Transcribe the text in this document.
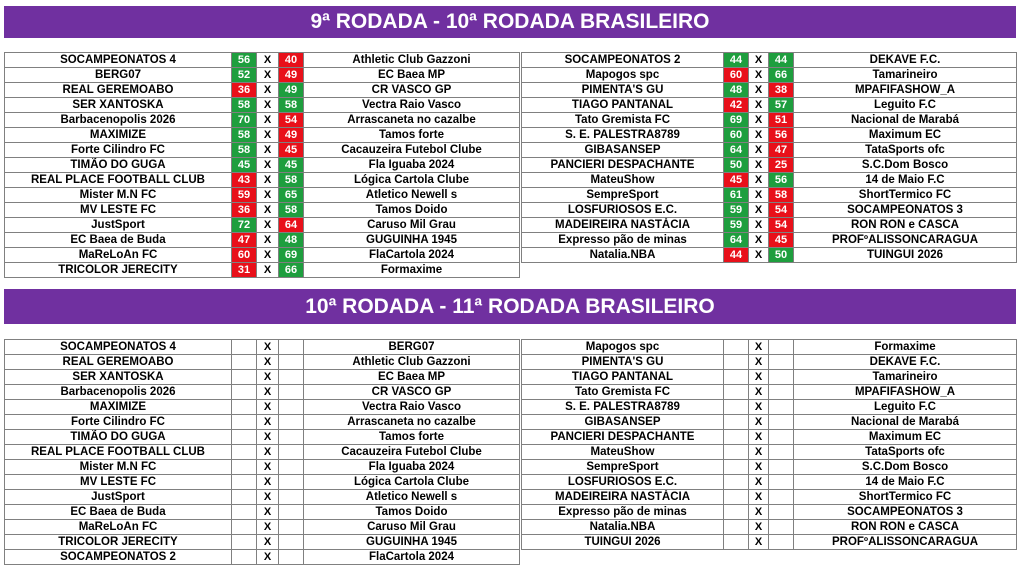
9ª RODADA - 10ª RODADA BRASILEIRO
SOCAMPEONATOS 4	56	X	40	Athletic Club Gazzoni
BERG07	52	X	49	EC Baea MP
REAL GEREMOABO	36	X	49	CR VASCO GP
SER XANTOSKA	58	X	58	Vectra Raio Vasco
Barbacenopolis 2026	70	X	54	Arrascaneta no cazalbe
MAXIMIZE	58	X	49	Tamos forte
Forte Cilindro FC	58	X	45	Cacauzeira Futebol Clube
TIMÃO DO GUGA	45	X	45	Fla Iguaba 2024
REAL PLACE FOOTBALL CLUB	43	X	58	Lógica Cartola Clube
Mister M.N FC	59	X	65	Atletico Newell s
MV LESTE FC	36	X	58	Tamos Doido
JustSport	72	X	64	Caruso Mil Grau
EC Baea de Buda	47	X	48	GUGUINHA 1945
MaReLoAn FC	60	X	69	FlaCartola 2024
TRICOLOR JERECITY	31	X	66	Formaxime
SOCAMPEONATOS 2	44	X	44	DEKAVE F.C.
Mapogos spc	60	X	66	Tamarineiro
PIMENTA'S GU	48	X	38	MPAFIFASHOW_A
TIAGO PANTANAL	42	X	57	Leguito F.C
Tato Gremista FC	69	X	51	Nacional de Marabá
S. E. PALESTRA8789	60	X	56	Maximum EC
GIBASANSEP	64	X	47	TataSports ofc
PANCIERI DESPACHANTE	50	X	25	S.C.Dom Bosco
MateuShow	45	X	56	14 de Maio F.C
SempreSport	61	X	58	ShortTermico FC
LOSFURIOSOS E.C.	59	X	54	SOCAMPEONATOS 3
MADEIREIRA NASTÁCIA	59	X	54	RON RON e CASCA
Expresso pão de minas	64	X	45	PROFºALISSONCARAGUA
Natalia.NBA	44	X	50	TUINGUI 2026
10ª RODADA - 11ª RODADA BRASILEIRO
SOCAMPEONATOS 4		X		BERG07
REAL GEREMOABO		X		Athletic Club Gazzoni
SER XANTOSKA		X		EC Baea MP
Barbacenopolis 2026		X		CR VASCO GP
MAXIMIZE		X		Vectra Raio Vasco
Forte Cilindro FC		X		Arrascaneta no cazalbe
TIMÃO DO GUGA		X		Tamos forte
REAL PLACE FOOTBALL CLUB		X		Cacauzeira Futebol Clube
Mister M.N FC		X		Fla Iguaba 2024
MV LESTE FC		X		Lógica Cartola Clube
JustSport		X		Atletico Newell s
EC Baea de Buda		X		Tamos Doido
MaReLoAn FC		X		Caruso Mil Grau
TRICOLOR JERECITY		X		GUGUINHA 1945
SOCAMPEONATOS 2		X		FlaCartola 2024
Mapogos spc		X		Formaxime
PIMENTA'S GU		X		DEKAVE F.C.
TIAGO PANTANAL		X		Tamarineiro
Tato Gremista FC		X		MPAFIFASHOW_A
S. E. PALESTRA8789		X		Leguito F.C
GIBASANSEP		X		Nacional de Marabá
PANCIERI DESPACHANTE		X		Maximum EC
MateuShow		X		TataSports ofc
SempreSport		X		S.C.Dom Bosco
LOSFURIOSOS E.C.		X		14 de Maio F.C
MADEIREIRA NASTÁCIA		X		ShortTermico FC
Expresso pão de minas		X		SOCAMPEONATOS 3
Natalia.NBA		X		RON RON e CASCA
TUINGUI 2026		X		PROFºALISSONCARAGUA
